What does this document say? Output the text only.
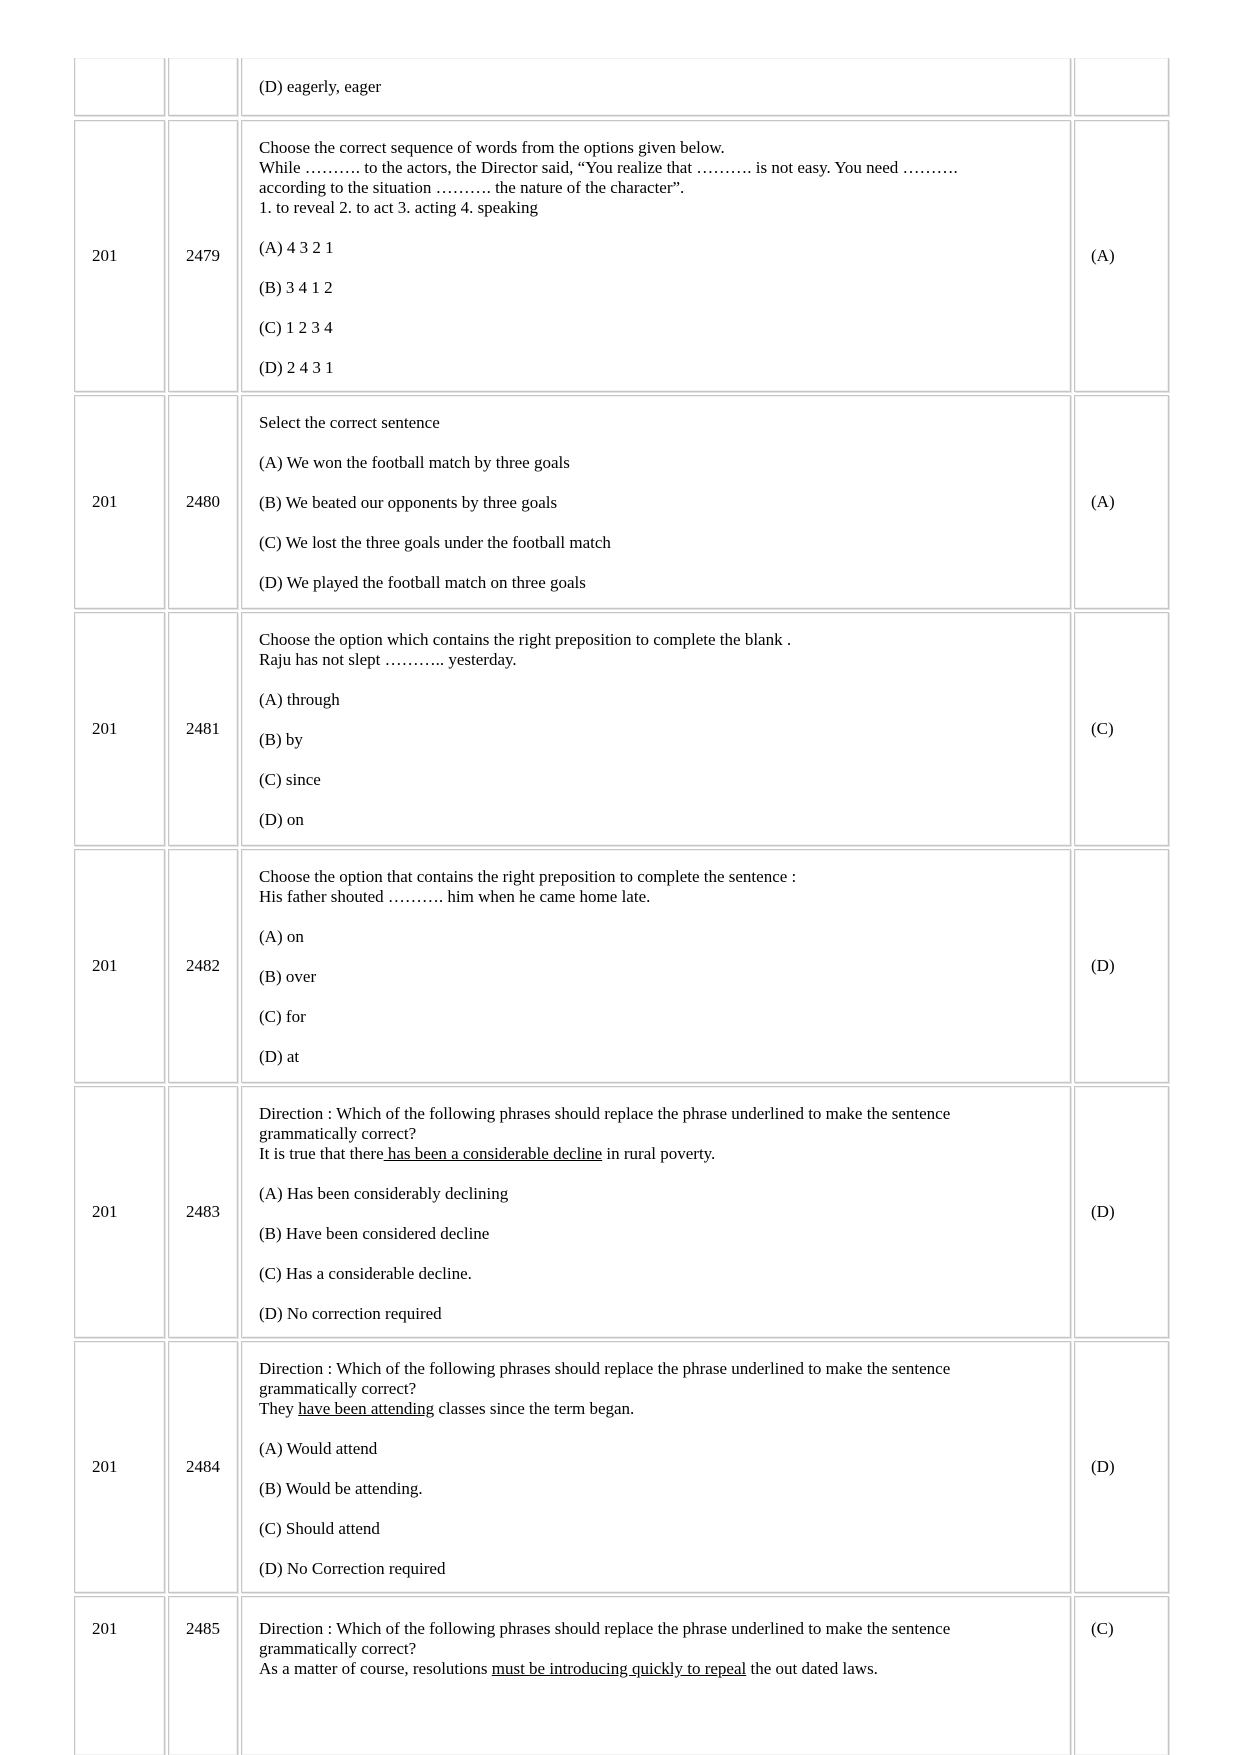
(D) eagerly, eager
201	2479
Choose the correct sequence of words from the options given below.
While ………. to the actors, the Director said, “You realize that ………. is not easy. You need ……….
according to the situation ………. the nature of the character”.
1. to reveal 2. to act 3. acting 4. speaking
(A) 4 3 2 1
(B) 3 4 1 2
(C) 1 2 3 4
(D) 2 4 3 1
(A)
201	2480
Select the correct sentence
(A) We won the football match by three goals
(B) We beated our opponents by three goals
(C) We lost the three goals under the football match
(D) We played the football match on three goals
(A)
201	2481
Choose the option which contains the right preposition to complete the blank .
Raju has not slept ……….. yesterday.
(A) through
(B) by
(C) since
(D) on
(C)
201	2482
Choose the option that contains the right preposition to complete the sentence :
His father shouted ………. him when he came home late.
(A) on
(B) over
(C) for
(D) at
(D)
201	2483
Direction : Which of the following phrases should replace the phrase underlined to make the sentence
grammatically correct?
It is true that there has been a considerable decline in rural poverty.
(A) Has been considerably declining
(B) Have been considered decline
(C) Has a considerable decline.
(D) No correction required
(D)
201	2484
Direction : Which of the following phrases should replace the phrase underlined to make the sentence
grammatically correct?
They have been attending classes since the term began.
(A) Would attend
(B) Would be attending.
(C) Should attend
(D) No Correction required
(D)
201	2485 Direction : Which of the following phrases should replace the phrase underlined to make the sentence
grammatically correct?
As a matter of course, resolutions must be introducing quickly to repeal the out dated laws.
(C)
